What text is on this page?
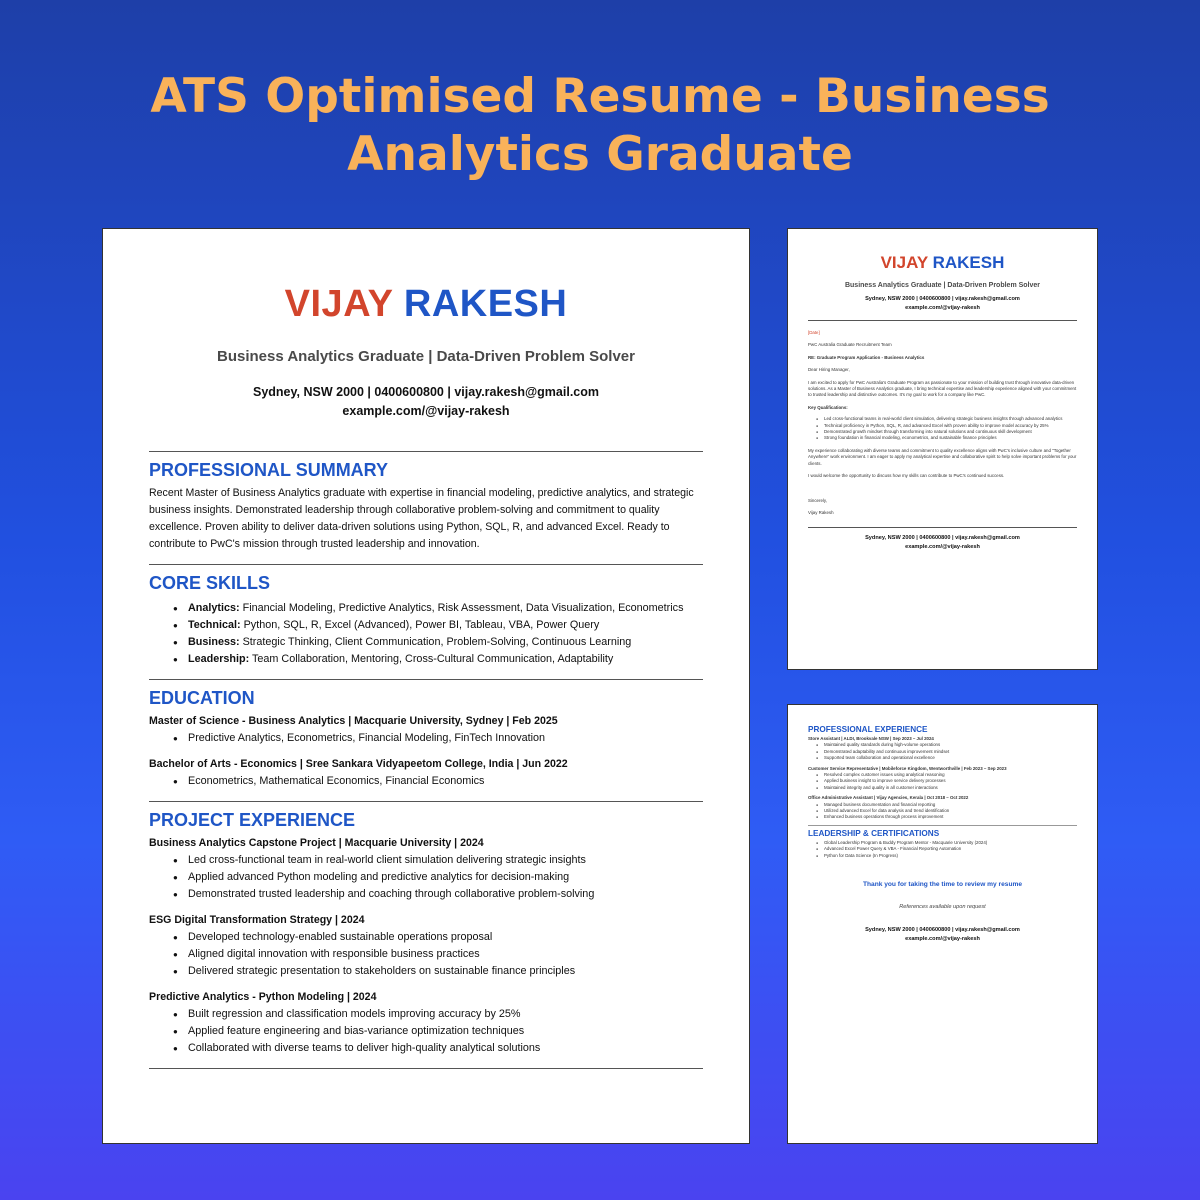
ATS Optimised Resume - Business
Analytics Graduate
VIJAY RAKESH
Business Analytics Graduate | Data-Driven Problem Solver
Sydney, NSW 2000 | 0400600800 | vijay.rakesh@gmail.com
example.com/@vijay-rakesh
PROFESSIONAL SUMMARY
Recent Master of Business Analytics graduate with expertise in financial modeling, predictive analytics, and strategic business insights. Demonstrated leadership through collaborative problem-solving and commitment to quality excellence. Proven ability to deliver data-driven solutions using Python, SQL, R, and advanced Excel. Ready to contribute to PwC's mission through trusted leadership and innovation.
CORE SKILLS
● Analytics: Financial Modeling, Predictive Analytics, Risk Assessment, Data Visualization, Econometrics
● Technical: Python, SQL, R, Excel (Advanced), Power BI, Tableau, VBA, Power Query
● Business: Strategic Thinking, Client Communication, Problem-Solving, Continuous Learning
● Leadership: Team Collaboration, Mentoring, Cross-Cultural Communication, Adaptability
EDUCATION
Master of Science - Business Analytics | Macquarie University, Sydney | Feb 2025
● Predictive Analytics, Econometrics, Financial Modeling, FinTech Innovation
Bachelor of Arts - Economics | Sree Sankara Vidyapeetom College, India | Jun 2022
● Econometrics, Mathematical Economics, Financial Economics
PROJECT EXPERIENCE
Business Analytics Capstone Project | Macquarie University | 2024
● Led cross-functional team in real-world client simulation delivering strategic insights
● Applied advanced Python modeling and predictive analytics for decision-making
● Demonstrated trusted leadership and coaching through collaborative problem-solving
ESG Digital Transformation Strategy | 2024
● Developed technology-enabled sustainable operations proposal
● Aligned digital innovation with responsible business practices
● Delivered strategic presentation to stakeholders on sustainable finance principles
Predictive Analytics - Python Modeling | 2024
● Built regression and classification models improving accuracy by 25%
● Applied feature engineering and bias-variance optimization techniques
● Collaborated with diverse teams to deliver high-quality analytical solutions
VIJAY RAKESH
Business Analytics Graduate | Data-Driven Problem Solver
Sydney, NSW 2000 | 0400600800 | vijay.rakesh@gmail.com
example.com/@vijay-rakesh
[Date]
PwC Australia Graduate Recruitment Team
RE: Graduate Program Application - Business Analytics
Dear Hiring Manager,
I am excited to apply for PwC Australia's Graduate Program as passionate to your mission of building trust through innovative data-driven solutions. As a Master of Business Analytics graduate, I bring technical expertise and leadership experience aligned with your commitment to trusted leadership and distinctive outcomes. It's my goal to work for a company like PwC.
Key Qualifications:
● Led cross-functional teams in real-world client simulation, delivering strategic business insights through advanced analytics
● Technical proficiency in Python, SQL, R, and advanced Excel with proven ability to improve model accuracy by 25%
● Demonstrated growth mindset through transforming into natural solutions and continuous skill development
● Strong foundation in financial modeling, econometrics, and sustainable finance principles
My experience collaborating with diverse teams and commitment to quality excellence aligns with PwC's inclusive culture and "Together Anywhere" work environment. I am eager to apply my analytical expertise and collaborative spirit to help solve important problems for your clients.
I would welcome the opportunity to discuss how my skills can contribute to PwC's continued success.
Sincerely,
Vijay Rakesh
Sydney, NSW 2000 | 0400600800 | vijay.rakesh@gmail.com
example.com/@vijay-rakesh
PROFESSIONAL EXPERIENCE
Store Assistant | ALDI, Brookvale NSW | Sep 2023 – Jul 2024
● Maintained quality standards during high-volume operations
● Demonstrated adaptability and continuous improvement mindset
● Supported team collaboration and operational excellence
Customer Service Representative | Mobileforce Kingdom, Wentworthville | Feb 2023 – Sep 2023
● Resolved complex customer issues using analytical reasoning
● Applied business insight to improve service delivery processes
● Maintained integrity and quality in all customer interactions
Office Administrative Assistant | Vijay Agencies, Kerala | Oct 2018 – Oct 2022
● Managed business documentation and financial reporting
● Utilized advanced Excel for data analysis and trend identification
● Enhanced business operations through process improvement
LEADERSHIP & CERTIFICATIONS
● Global Leadership Program & Buddy Program Mentor - Macquarie University (2024)
● Advanced Excel Power Query & VBA - Financial Reporting Automation
● Python for Data Science (In Progress)
Thank you for taking the time to review my resume
References available upon request
Sydney, NSW 2000 | 0400600800 | vijay.rakesh@gmail.com
example.com/@vijay-rakesh
